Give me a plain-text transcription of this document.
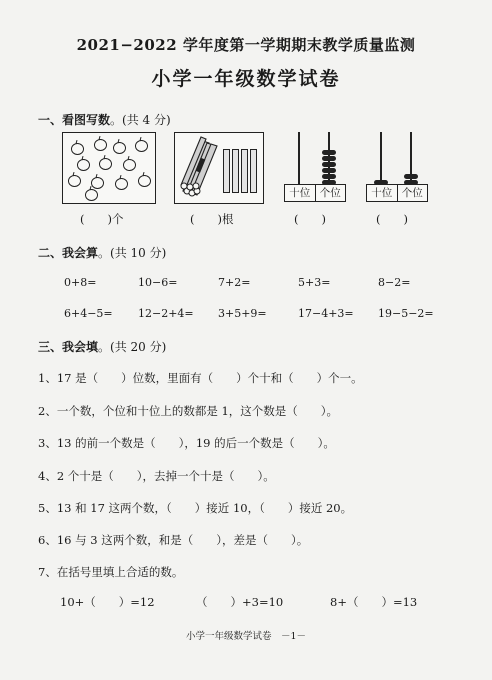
2021−2022 学年度第一学期期末教学质量监测
小学一年级数学试卷
一、看图写数。(共 4 分)
十位 个位	十位 个位
(　　)个	(　　)根	(　　)	(　　)
二、我会算。(共 10 分)
0+8=	10−6=	7+2=	5+3=	8−2=
6+4−5= 12−2+4= 3+5+9=	17−4+3= 19−5−2=
三、我会填。(共 20 分)
1、17 是（　　）位数，里面有（　　）个十和（　　）个一。
2、一个数，个位和十位上的数都是 1，这个数是（　　）。
3、13 的前一个数是（　　），19 的后一个数是（　　）。
4、2 个十是（　　），去掉一个十是（　　）。
5、13 和 17 这两个数，（　　）接近 10，（　　）接近 20。
6、16 与 3 这两个数，和是（　　），差是（　　）。
7、在括号里填上合适的数。
10+（　　）=12	（　　）+3=10	8+（　　）=13
小学一年级数学试卷　－1－
